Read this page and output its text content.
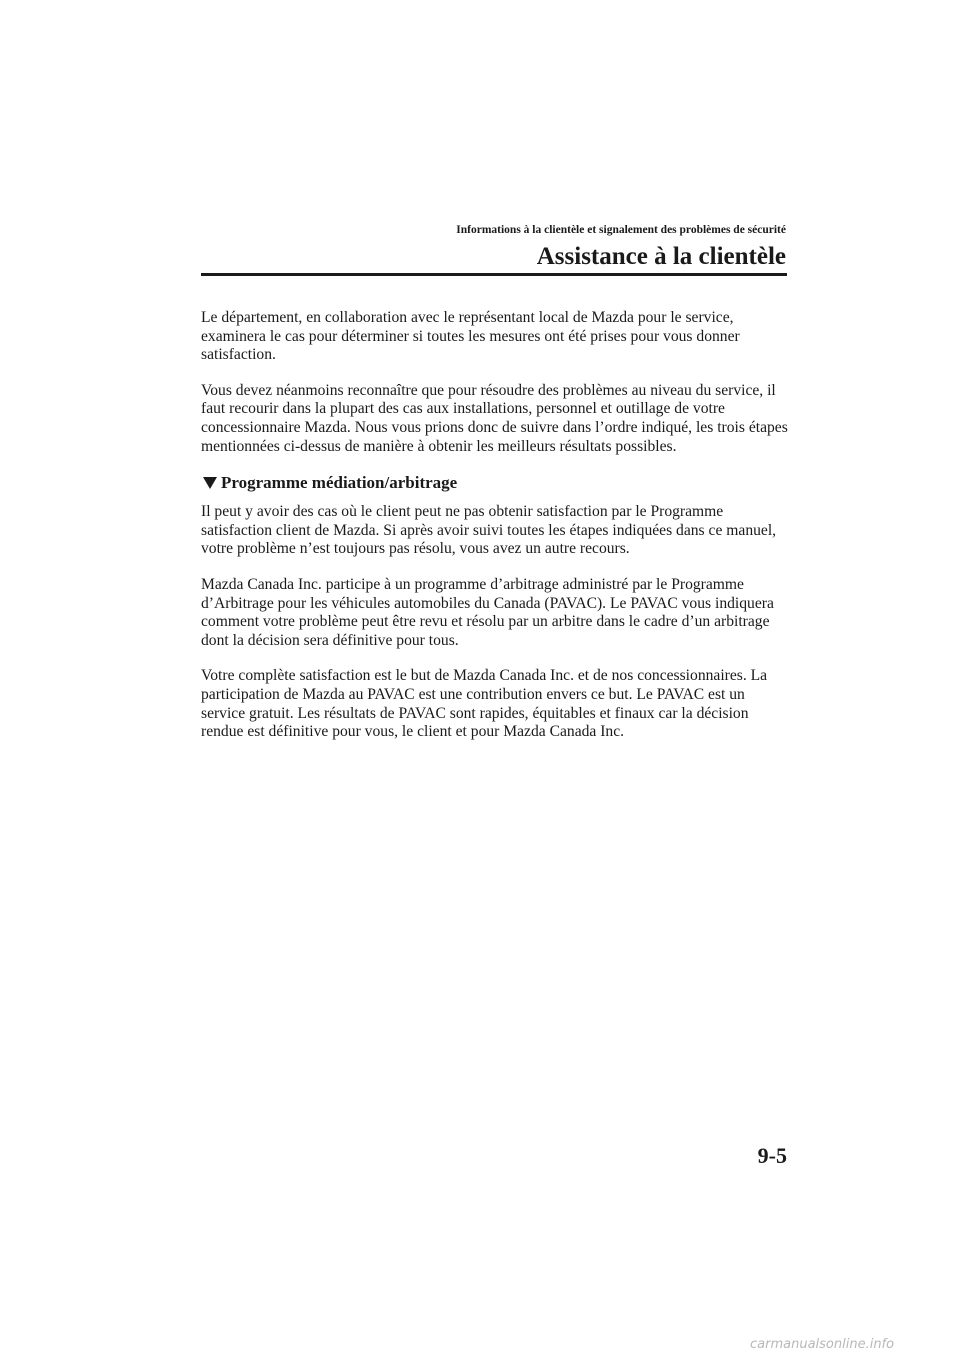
Informations à la clientèle et signalement des problèmes de sécurité
Assistance à la clientèle

Le département, en collaboration avec le représentant local de Mazda pour le service, examinera le cas pour déterminer si toutes les mesures ont été prises pour vous donner satisfaction.

Vous devez néanmoins reconnaître que pour résoudre des problèmes au niveau du service, il faut recourir dans la plupart des cas aux installations, personnel et outillage de votre concessionnaire Mazda. Nous vous prions donc de suivre dans l’ordre indiqué, les trois étapes mentionnées ci-dessus de manière à obtenir les meilleurs résultats possibles.

Programme médiation/arbitrage

Il peut y avoir des cas où le client peut ne pas obtenir satisfaction par le Programme satisfaction client de Mazda. Si après avoir suivi toutes les étapes indiquées dans ce manuel, votre problème n’est toujours pas résolu, vous avez un autre recours.

Mazda Canada Inc. participe à un programme d’arbitrage administré par le Programme d’Arbitrage pour les véhicules automobiles du Canada (PAVAC). Le PAVAC vous indiquera comment votre problème peut être revu et résolu par un arbitre dans le cadre d’un arbitrage dont la décision sera définitive pour tous.

Votre complète satisfaction est le but de Mazda Canada Inc. et de nos concessionnaires. La participation de Mazda au PAVAC est une contribution envers ce but. Le PAVAC est un service gratuit. Les résultats de PAVAC sont rapides, équitables et finaux car la décision rendue est définitive pour vous, le client et pour Mazda Canada Inc.

9-5
carmanualsonline.info
